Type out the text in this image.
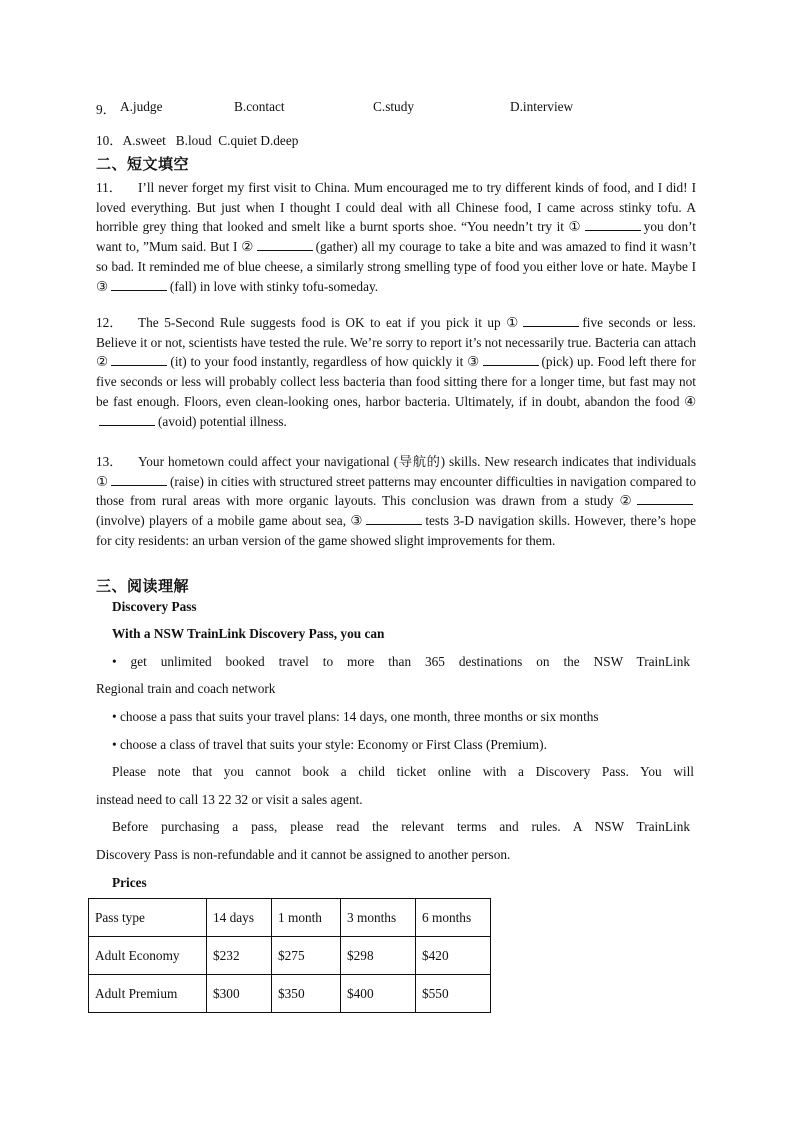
9． A.judge	B.contact	C.study	D.interview
10．A.sweet   B.loud  C.quiet D.deep
二、短文填空
11． I’ll never forget my first visit to China. Mum encouraged me to try different kinds of food, and I did! I loved everything. But just when I thought I could deal with all Chinese food, I came across stinky tofu. A horrible grey thing that looked and smelt like a burnt sports shoe. “You needn’t try it ①	you don’t want to, ”Mum said. But I ②	(gather) all my courage to take a bite and was amazed to find it wasn’t so bad. It reminded me of blue cheese, a similarly strong smelling type of food you either love or hate. Maybe I ③	(fall) in love with stinky tofu-someday.
12． The 5-Second Rule suggests food is OK to eat if you pick it up ①	five seconds or less. Believe it or not, scientists have tested the rule. We’re sorry to report it’s not necessarily true. Bacteria can attach ②	(it) to your food instantly, regardless of how quickly it ③	(pick) up. Food left there for five seconds or less will probably collect less bacteria than food sitting there for a longer time, but fast may not be fast enough. Floors, even clean-looking ones, harbor bacteria. Ultimately, if in doubt, abandon the food ④(avoid) potential illness.
13． Your hometown could affect your navigational (导航的) skills. New research indicates that individuals ①	(raise) in cities with structured street patterns may encounter difficulties in navigation compared to those from rural areas with more organic layouts. This conclusion was drawn from a study ②(involve) players of a mobile game about sea, ③	tests 3-D navigation skills. However, there’s hope for city residents: an urban version of the game showed slight improvements for them.
三、阅读理解
Discovery Pass
With a NSW TrainLink Discovery Pass, you can
• get unlimited booked travel to more than 365 destinations on the NSW TrainLink
Regional train and coach network
• choose a pass that suits your travel plans: 14 days, one month, three months or six months
• choose a class of travel that suits your style: Economy or First Class (Premium).
Please note that you cannot book a child ticket online with a Discovery Pass. You will
instead need to call 13 22 32 or visit a sales agent.
Before purchasing a pass, please read the relevant terms and rules. A NSW TrainLink
Discovery Pass is non-refundable and it cannot be assigned to another person.
Prices
Pass type	14 days	1 month	3 months	6 months
Adult Economy	$232	$275	$298	$420
Adult Premium	$300	$350	$400	$550
